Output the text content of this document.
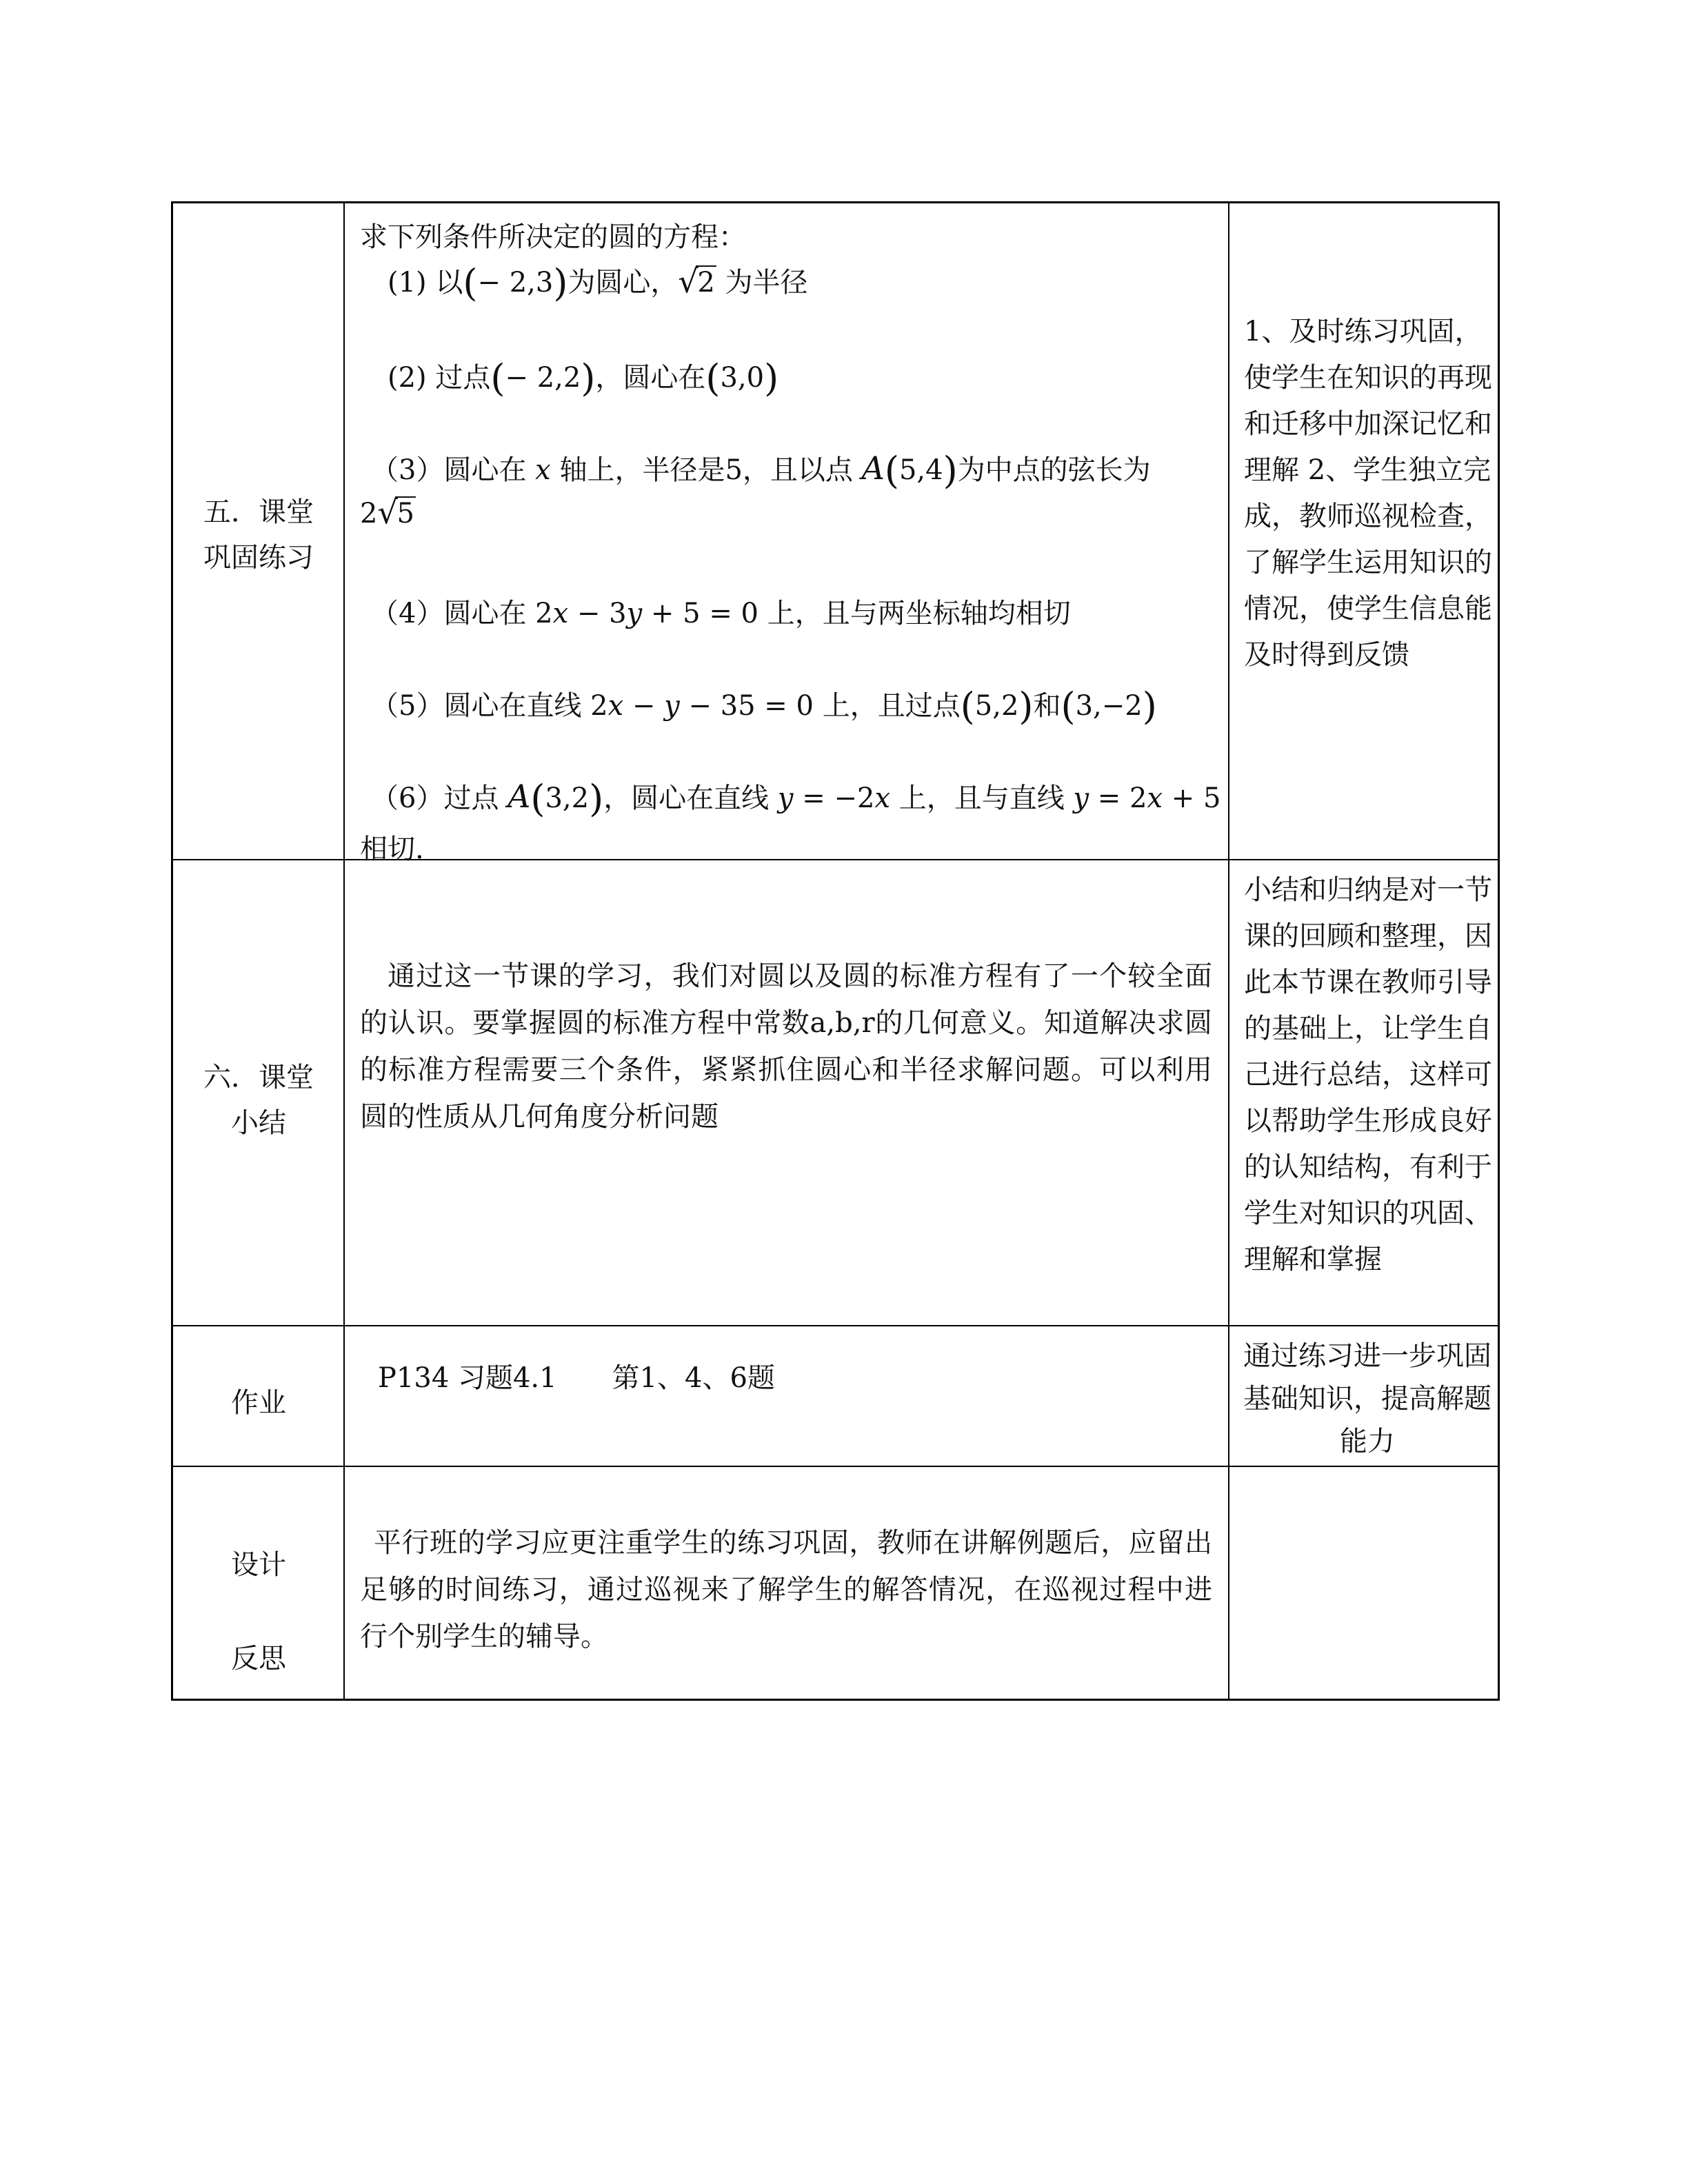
五．课堂
巩固练习
求下列条件所决定的圆的方程：
(1) 以(− 2,3)为圆心， √ 2 为半径
(2) 过点(− 2,2)，圆心在(3,0)
（3）圆心在 x 轴上，半径是5，且以点 A(5,4)为中点的弦长为
2 √ 5
（4）圆心在 2x − 3y + 5 = 0 上，且与两坐标轴均相切
（5）圆心在直线 2x − y − 35 = 0 上，且过点(5,2)和(3,−2)
（6）过点 A(3,2)，圆心在直线 y = −2x 上，且与直线 y = 2x + 5
相切.
1、及时练习巩固，使学生在知识的再现和迁移中加深记忆和理解 2、学生独立完成，教师巡视检查，了解学生运用知识的情况，使学生信息能及时得到反馈
六．课堂
小结
通过这一节课的学习，我们对圆以及圆的标准方程有了一个较全面的认识。要掌握圆的标准方程中常数a,b,r的几何意义。知道解决求圆的标准方程需要三个条件，紧紧抓住圆心和半径求解问题。可以利用圆的性质从几何角度分析问题
小结和归纳是对一节课的回顾和整理，因此本节课在教师引导的基础上，让学生自己进行总结，这样可以帮助学生形成良好的认知结构，有利于学生对知识的巩固、理解和掌握
作业
P134 习题4.1　　第1、4、6题
通过练习进一步巩固基础知识，提高解题能力
设计
反思
平行班的学习应更注重学生的练习巩固，教师在讲解例题后，应留出足够的时间练习，通过巡视来了解学生的解答情况，在巡视过程中进行个别学生的辅导。
